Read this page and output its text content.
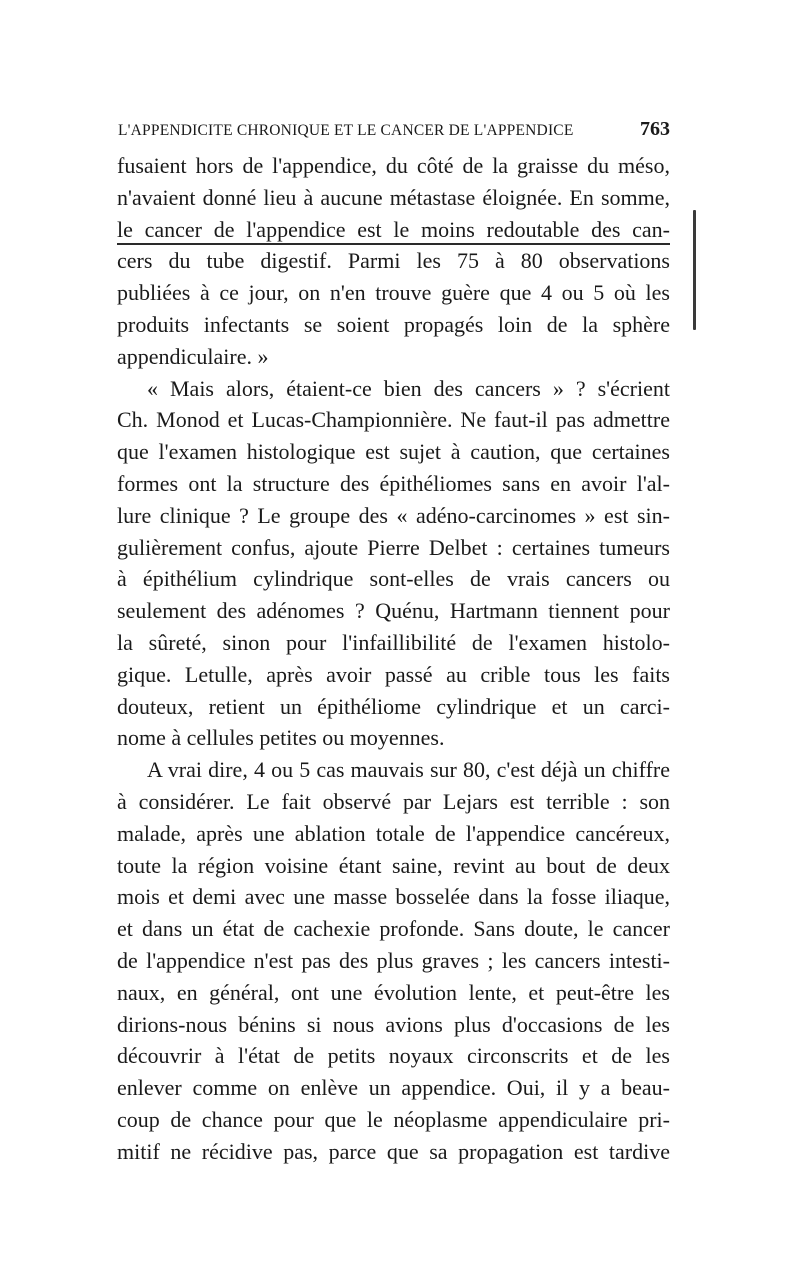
L'APPENDICITE CHRONIQUE ET LE CANCER DE L'APPENDICE	763
fusaient hors de l'appendice, du côté de la graisse du méso,
n'avaient donné lieu à aucune métastase éloignée. En somme,
le cancer de l'appendice est le moins redoutable des can-
cers du tube digestif. Parmi les 75 à 80 observations
publiées à ce jour, on n'en trouve guère que 4 ou 5 où les
produits infectants se soient propagés loin de la sphère
appendiculaire. »
« Mais alors, étaient-ce bien des cancers » ? s'écrient
Ch. Monod et Lucas-Championnière. Ne faut-il pas admettre
que l'examen histologique est sujet à caution, que certaines
formes ont la structure des épithéliomes sans en avoir l'al-
lure clinique ? Le groupe des « adéno-carcinomes » est sin-
gulièrement confus, ajoute Pierre Delbet : certaines tumeurs
à épithélium cylindrique sont-elles de vrais cancers ou
seulement des adénomes ? Quénu, Hartmann tiennent pour
la sûreté, sinon pour l'infaillibilité de l'examen histolo-
gique. Letulle, après avoir passé au crible tous les faits
douteux, retient un épithéliome cylindrique et un carci-
nome à cellules petites ou moyennes.
A vrai dire, 4 ou 5 cas mauvais sur 80, c'est déjà un chiffre
à considérer. Le fait observé par Lejars est terrible : son
malade, après une ablation totale de l'appendice cancéreux,
toute la région voisine étant saine, revint au bout de deux
mois et demi avec une masse bosselée dans la fosse iliaque,
et dans un état de cachexie profonde. Sans doute, le cancer
de l'appendice n'est pas des plus graves ; les cancers intesti-
naux, en général, ont une évolution lente, et peut-être les
dirions-nous bénins si nous avions plus d'occasions de les
découvrir à l'état de petits noyaux circonscrits et de les
enlever comme on enlève un appendice. Oui, il y a beau-
coup de chance pour que le néoplasme appendiculaire pri-
mitif ne récidive pas, parce que sa propagation est tardive
